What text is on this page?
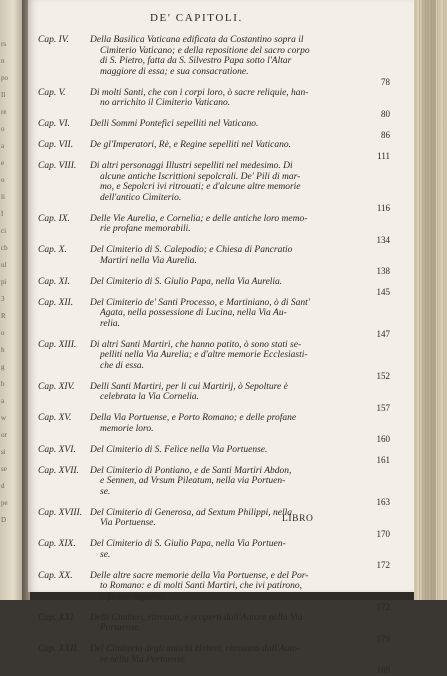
rs
n
po
Il
re
o
a
e
o
li
I
ci
cb
ul
pi
3
R
o
h
g
b
a
w
or
si
se
d
pe
D
DE' CAPITOLI.
Cap. IV.	Della Basilica Vaticana edificata da Costantino sopra il
Cimiterio Vaticano; e della repositione del sacro corpo
di S. Pietro, fatta da S. Silvestro Papa sotto l'Altar
maggiore di essa; e sua consacratione.
78
Cap. V.	Di molti Santi, che con i corpi loro, ò sacre reliquie, han-
no arrichito il Cimiterio Vaticano.
80
Cap. VI.	Delli Sommi Pontefici sepelliti nel Vaticano.
86
Cap. VII.	De gl'Imperatori, Rè, e Regine sepelliti nel Vaticano.
111
Cap. VIII.	Di altri personaggi Illustri sepelliti nel medesimo. Di
alcune antiche Iscrittioni sepolcrali. De' Pili di mar-
mo, e Sepolcri ivi ritrouati; e d'alcune altre memorie
dell'antico Cimiterio.
116
Cap. IX.	Delle Vie Aurelia, e Cornelia; e delle antiche loro memo-
rie profane memorabili.
134
Cap. X.	Del Cimiterio di S. Calepodio; e Chiesa di Pancratio
Martiri nella Via Aurelia.
138
Cap. XI.	Del Cimiterio di S. Giulio Papa, nella Via Aurelia.
145
Cap. XII.	Del Cimiterio de' Santi Processo, e Martiniano, ò di Sant'
Agata, nella possessione di Lucina, nella Via Au-
relia.
147
Cap. XIII.	Di altri Santi Martiri, che hanno patito, ò sono stati se-
pelliti nella Via Aurelia; e d'altre memorie Ecclesiasti-
che di essa.
152
Cap. XIV.	Delli Santi Martiri, per li cui Martirij, ò Sepolture è
celebrata la Via Cornelia.
157
Cap. XV.	Della Via Portuense, e Porto Romano; e delle profane
memorie loro.
160
Cap. XVI.	Del Cimiterio di S. Felice nella Via Portuense.
161
Cap. XVII.	Del Cimiterio di Pontiano, e de Santi Martiri Abdon,
e Sennen, ad Vrsum Pileatum, nella via Portuen-
se.
163
Cap. XVIII. Del Cimiterio di Generosa, ad Sextum Philippi, nella
Via Portuense.
170
Cap. XIX.	Del Cimiterio di S. Giulio Papa, nella Via Portuen-
se.
172
Cap. XX.	Delle altre sacre memorie della Via Portuense, e del Por-
to Romano: e di molti Santi Martiri, che ivi patirono,
ò fu ono sepelliti.
172
Cap. XXI.	Delli Cimiteri, ritrouati, e scoperti dall'Autore nella Via
Portuense.
179
Cap. XXII.	Del Cimiterio degli antichi Hebrei, ritrouato dall'Auto-
re nella Via Portuense.
188
LIBRO
